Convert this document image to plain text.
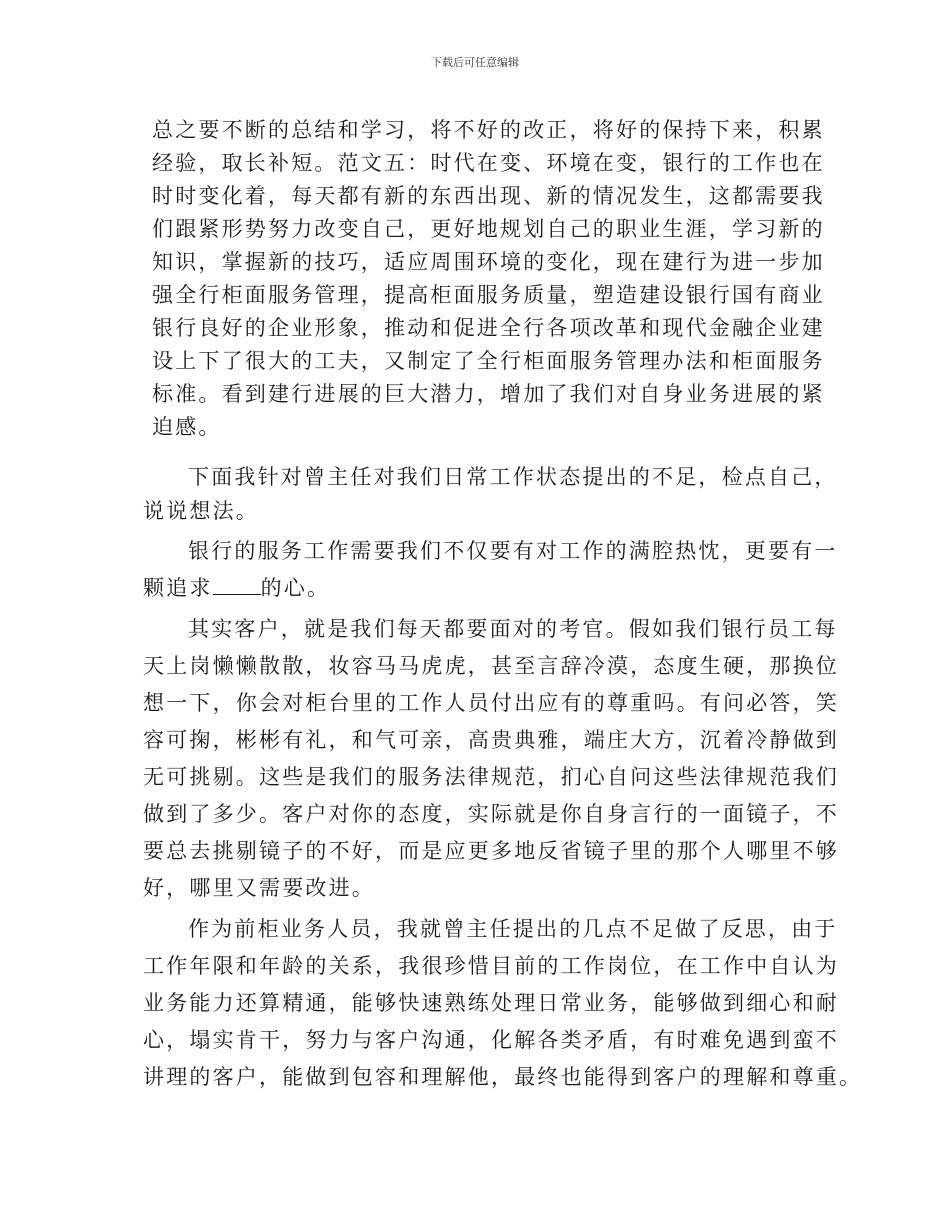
下载后可任意编辑
总之要不断的总结和学习，将不好的改正，将好的保持下来，积累
经验，取长补短。范文五：时代在变、环境在变，银行的工作也在
时时变化着，每天都有新的东西出现、新的情况发生，这都需要我
们跟紧形势努力改变自己，更好地规划自己的职业生涯，学习新的
知识，掌握新的技巧，适应周围环境的变化，现在建行为进一步加
强全行柜面服务管理，提高柜面服务质量，塑造建设银行国有商业
银行良好的企业形象，推动和促进全行各项改革和现代金融企业建
设上下了很大的工夫，又制定了全行柜面服务管理办法和柜面服务
标准。看到建行进展的巨大潜力，增加了我们对自身业务进展的紧
迫感。
下面我针对曾主任对我们日常工作状态提出的不足，检点自己，
说说想法。
银行的服务工作需要我们不仅要有对工作的满腔热忱，更要有一
颗追求 的心。
其实客户，就是我们每天都要面对的考官。假如我们银行员工每
天上岗懒懒散散，妆容马马虎虎，甚至言辞冷漠，态度生硬，那换位
想一下，你会对柜台里的工作人员付出应有的尊重吗。有问必答，笑
容可掬，彬彬有礼，和气可亲，高贵典雅，端庄大方，沉着冷静做到
无可挑剔。这些是我们的服务法律规范，扪心自问这些法律规范我们
做到了多少。客户对你的态度，实际就是你自身言行的一面镜子，不
要总去挑剔镜子的不好，而是应更多地反省镜子里的那个人哪里不够
好，哪里又需要改进。
作为前柜业务人员，我就曾主任提出的几点不足做了反思，由于
工作年限和年龄的关系，我很珍惜目前的工作岗位，在工作中自认为
业务能力还算精通，能够快速熟练处理日常业务，能够做到细心和耐
心，塌实肯干，努力与客户沟通，化解各类矛盾，有时难免遇到蛮不
讲理的客户，能做到包容和理解他，最终也能得到客户的理解和尊重。
